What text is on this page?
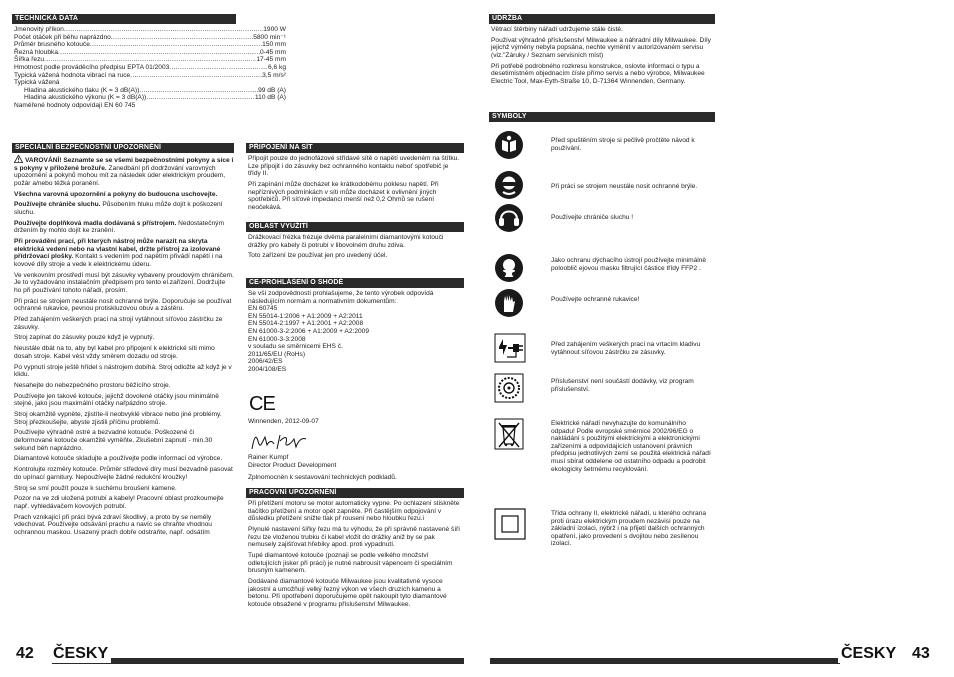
TECHNICKÁ DATA
Jmenovitý příkon .....	1900 W
Počet otáček při běhu naprázdno .....	5800 min⁻¹
Průměr brusného kotouče .....	150 mm
Řezná hloubka .....	0-45 mm
Šířka řezu .....	17-45 mm
Hmotnost podle prováděcího předpisu EPTA 01/2003 .....	6,6 kg
Typická vážená hodnota vibrací na ruce .....	3,5 m/s²
Typická vážená
Hladina akustického tlaku (K = 3 dB(A)) .....	99 dB (A)
Hladina akustického výkonu (K = 3 dB(A)) .....	110 dB (A)
Naměřené hodnoty odpovídají EN 60 745
SPECIÁLNÍ BEZPEČNOSTNÍ UPOZORNĚNÍ

VAROVÁNÍ! Seznamte se se všemi bezpečnostními pokyny a síce i s pokyny v přiložené brožuře. Zanedbání při dodržování varovných upozornění a pokynů mohou mít za následek úder elektrickým proudem, požár a/nebo těžká poranění.

Všechna varovná upozornění a pokyny do budoucna uschovejte.

Používejte chrániče sluchu. Působením hluku může dojít k poškození sluchu.

Používejte doplňková madla dodávaná s přístrojem. Nedostatečným držením by mohlo dojít ke zranění.

Při provádění prací, při kterých nástroj může narazit na skryta elektrická vedení nebo na vlastní kabel, držte přístroj za izolované přídržovací plošky. Kontakt s vedením pod napětím přivádí napětí i na kovové díly stroje a vede k elektrickému úderu.

Ve venkovním prostředí musí být zásuvky vybaveny proudovým chráničem. Je to vyžadováno instalačním předpisem pro tento el.zařízení. Dodržujte ho při používání tohoto nářadí, prosím.

Při práci se strojem neustále nosit ochranné brýle. Doporučuje se používat ochranné rukavice, pevnou protiskluzovou obuv a zástěru.

Před zahájením veškerých prací na stroji vytáhnout síťovou zástrčku ze zásuvky.

Stroj zapínat do zásuvky pouze když je vypnutý.

Neustále dbát na to, aby byl kabel pro připojení k elektrické síti mimo dosah stroje. Kabel vést vždy směrem dozadu od stroje.

Po vypnutí stroje ještě hřídel s nástrojem dobíhá. Stroj odložte až když je v klidu.

Nesahejte do nebezpečného prostoru běžícího stroje.

Používejte jen takové kotouče, jejichž dovolené otáčky jsou minimálně stejné, jako jsou maximální otáčky nařpázdno stroje.

Stroj okamžitě vypněte, zjistíte-li neobvyklé vibrace nebo jiné problémy. Stroj přezkoušejte, abyste zjistili příčinu problémů.

Používejte výhradně ostré a bezvadné kotouče. Poškozené či deformované kotouče okamžitě vyměňte. Zkušební zapnutí - min.30 sekund běh naprázdno.

Diamantové kotouče skladujte a používejte podle informací od výrobce.

Kontrolujte rozměry kotoučе. Průměr středové díry musí bezvadně pasovat do upínací garnitury. Nepoužívejte žádné redukční kroužky!

Stroj se smí použít pouze k suchému broušení kamene.

Pozor na ve zdi uložená potrubí a kabely! Pracovní oblast prozkoumejte např. vyhledávačem kovových potrubí.

Prach vznikající při práci bývá zdraví škodlivý, a proto by se neměly vdechovat. Používejte odsávání prachu a navíc se chraňte vhodnou ochrannou maskou. Usazený prach dobře odstraňte, např. odsátím

PŘIPOJENÍ NA SÍT

Připojit pouze do jednofázové střídavé sítě o napětí uvedeném na štítku. Lze připojit i do zásuvky bez ochranného kontaktu neboť spotřebič je třídy II.

Při zapínání může docházet ke krátkodobému poklesu napětí. Při nepříznivých podmínkách v síti může docházet k ovlivnění jiných spotřebičů. Při síťové impedanci menší než 0,2 Ohmů se rušení neočekává.

OBLAST VYUŽITÍ

Drážkovací frézka frézuje dvěma paralelními diamantovými kotouči drážky pro kabely či potrubí v libovolném druhu zdiva.

Toto zařízení lze používat jen pro uvedený účel.

CE-PROHLÁŠENÍ O SHODĚ
Se vší zodpovědností prohlašujeme, že tento výrobek odpovídá následujícím normám a normativním dokumentům:
EN 60745
EN 55014-1:2006 + A1:2009 + A2:2011
EN 55014-2:1997 + A1:2001 + A2:2008
EN 61000-3-2:2006 + A1:2009 + A2:2009
EN 61000-3-3:2008
v souladu se směrnicemi EHS č.
2011/65/EU (RoHs)
2006/42/ES
2004/108/ES
CE
Winnenden, 2012-09-07
Rainer Kumpf
Director Product Development
Zplnomocněn k sestavování technických podkladů.
PRACOVNÍ UPOZORNĚNÍ

Při přetížení motoru se motor automaticky vypne. Po ochlazení stiskněte tlačítko přetížení a motor opět zapněte. Při častějším odpojování v důsledku přetížení snižte tlak př rousení nebo hloubku řezu.i

Plynulé nastavení šířky řezu má tu výhodu, že při správně nastavené šíři řezu lze vloženou trubku či kabel vložit do drážky aniž by se pak nemusely zajišťovat hřebíky apod. proti vypadnutí.

Tupé diamantové kotouče (poznají se podle velkého množství odletujících jisker při práci) je nutné nabrousit vápencem či speciálním brusným kamenem.

Dodávané diamantové kotouče Milwaukee jsou kvalitativně vysoce jakostní a umožňují velký řezný výkon ve všech druzích kamenu a betonu. Při opotřebení doporučujeme opět nakoupit tyto diamantové kotouče obsažené v programu příslušenství Milwaukee.

42 ČESKY
ÚDRŽBA

Větrací štěrbiny nářadí udržujeme stále čisté.

Používat výhradně příslušenství Milwaukee a náhradní díly Milwaukee. Díly jejichž výměny nebyla popsána, nechte vyměnit v autorizovaném servisu (viz."Záruky / Seznam servisních míst)

Při potřebě podrobného rozkresu konstrukce, oslovte informaci o typu a desetimístném objednacím čísle přímo servis a nebo výrobce, Milwaukee Electric Tool, Max-Eyth-Straße 10, D-71364 Winnenden, Germany.

SYMBOLY
Před spuštěním stroje si pečlivě pročtěte návod k používání.
Při práci se strojem neustále nosit ochranné brýle.
Používejte chrániče sluchu !
Jako ochranu dýchacího ústrojí používejte minimálně polooblič ejovou masku filtrující částice třídy FFP2 .
Používejte ochranné rukavice!
Před zahájením veškerých prací na vrtacím kladivu vytáhnout síťovou zástrčku ze zásuvky.
Příslušenství není součástí dodávky, viz program příslušenství.
Elektrické nářadí nevyhazujte do komunálního odpadu! Podle evropské směrnice 2002/96/EG o nakládání s použitými elektrickými a elektronickými zařízeními a odpovídajících ustanovení právních předpisu jednotlivých zemí se použitá elektrická nářadí musí sbírat oddelene od ostatního odpadu a podrobit ekologicky šetrnému recyklování.
Třída ochrany II, elektrické nářadí, u kterého ochrana proti úrazu elektrickým proudem nezávisí pouze na základní izolaci, nýbrž i na přijetí dalších ochranných opatření, jako provedení s dvojitou nebo zesílenou izolací.
ČESKY 43
